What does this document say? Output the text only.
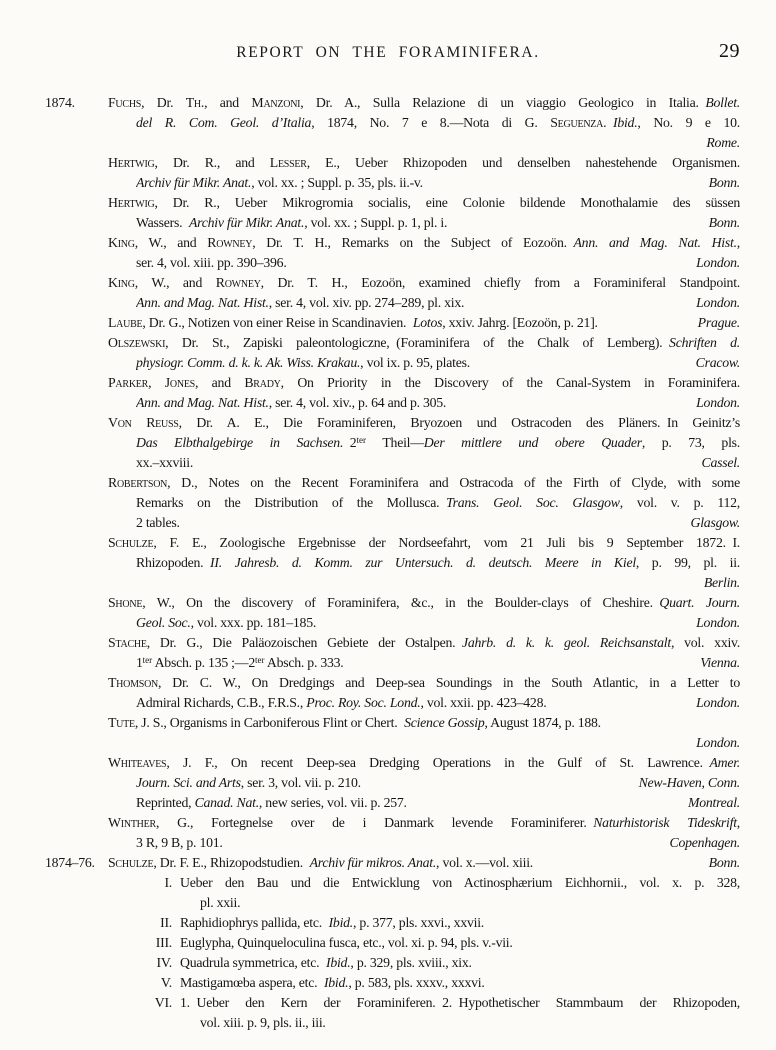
REPORT ON THE FORAMINIFERA.	29
1874. Fuchs, Dr. Th., and Manzoni, Dr. A., Sulla Relazione di un viaggio Geologico in Italia. Bollet.
del R. Com. Geol. d’Italia, 1874, No. 7 e 8.—Nota di G. Seguenza. Ibid., No. 9 e 10.
Rome.
Hertwig, Dr. R., and Lesser, E., Ueber Rhizopoden und denselben nahestehende Organismen.
Archiv für Mikr. Anat., vol. xx. ; Suppl. p. 35, pls. ii.-v.	Bonn.
Hertwig, Dr. R., Ueber Mikrogromia socialis, eine Colonie bildende Monothalamie des süssen
Wassers. Archiv für Mikr. Anat., vol. xx. ; Suppl. p. 1, pl. i.	Bonn.
King, W., and Rowney, Dr. T. H., Remarks on the Subject of Eozoön. Ann. and Mag. Nat. Hist.,
ser. 4, vol. xiii. pp. 390–396.	London.
King, W., and Rowney, Dr. T. H., Eozoön, examined chiefly from a Foraminiferal Standpoint.
Ann. and Mag. Nat. Hist., ser. 4, vol. xiv. pp. 274–289, pl. xix.	London.
Laube, Dr. G., Notizen von einer Reise in Scandinavien. Lotos, xxiv. Jahrg. [Eozoön, p. 21].	Prague.
Olszewski, Dr. St., Zapiski paleontologiczne, (Foraminifera of the Chalk of Lemberg). Schriften d.
physiogr. Comm. d. k. k. Ak. Wiss. Krakau., vol ix. p. 95, plates.	Cracow.
Parker, Jones, and Brady, On Priority in the Discovery of the Canal-System in Foraminifera.
Ann. and Mag. Nat. Hist., ser. 4, vol. xiv., p. 64 and p. 305.	London.
Von Reuss, Dr. A. E., Die Foraminiferen, Bryozoen und Ostracoden des Pläners. In Geinitz’s
Das Elbthalgebirge in Sachsen. $2^{ter}$ Theil—Der mittlere und obere Quader, p. 73, pls.
xx.–xxviii.	Cassel.
Robertson, D., Notes on the Recent Foraminifera and Ostracoda of the Firth of Clyde, with some
Remarks on the Distribution of the Mollusca. Trans. Geol. Soc. Glasgow, vol. v. p. 112,
2 tables.	Glasgow.
Schulze, F. E., Zoologische Ergebnisse der Nordseefahrt, vom 21 Juli bis 9 September 1872. I.
Rhizopoden. II. Jahresb. d. Komm. zur Untersuch. d. deutsch. Meere in Kiel, p. 99, pl. ii.
Berlin.
Shone, W., On the discovery of Foraminifera, &c., in the Boulder-clays of Cheshire. Quart. Journ.
Geol. Soc., vol. xxx. pp. 181–185.	London.
Stache, Dr. G., Die Paläozoischen Gebiete der Ostalpen. Jahrb. d. k. k. geol. Reichsanstalt, vol. xxiv.
$1^{ter}$ Absch. p. 135 $;—2^{ter}$ Absch. p. 333.	Vienna.
Thomson, Dr. C. W., On Dredgings and Deep-sea Soundings in the South Atlantic, in a Letter to
Admiral Richards, C.B., F.R.S., Proc. Roy. Soc. Lond., vol. xxii. pp. 423–428.	London.
Tute, J. S., Organisms in Carboniferous Flint or Chert. Science Gossip, August 1874, p. 188.
London.
Whiteaves, J. F., On recent Deep-sea Dredging Operations in the Gulf of St. Lawrence. Amer.
Journ. Sci. and Arts, ser. 3, vol. vii. p. 210.	New-Haven, Conn.
Reprinted, Canad. Nat., new series, vol. vii. p. 257.	Montreal.
Winther, G., Fortegnelse over de i Danmark levende Foraminiferer. Naturhistorisk Tideskrift,
3 R, 9 B, p. 101.	Copenhagen.
1874–76. Schulze, Dr. F. E., Rhizopodstudien. Archiv für mikros. Anat., vol. x.—vol. xiii.	Bonn.
I. Ueber den Bau und die Entwicklung von Actinosphærium Eichhornii., vol. x. p. 328,
pl. xxii.
II. Raphidiophrys pallida, etc. Ibid., p. 377, pls. xxvi., xxvii.
III. Euglypha, Quinqueloculina fusca, etc., vol. xi. p. 94, pls. v.-vii.
IV. Quadrula symmetrica, etc. Ibid., p. 329, pls. xviii., xix.
V. Mastigamœba aspera, etc. Ibid., p. 583, pls. xxxv., xxxvi.
VI. 1. Ueber den Kern der Foraminiferen. 2. Hypothetischer Stammbaum der Rhizopoden,
vol. xiii. p. 9, pls. ii., iii.
